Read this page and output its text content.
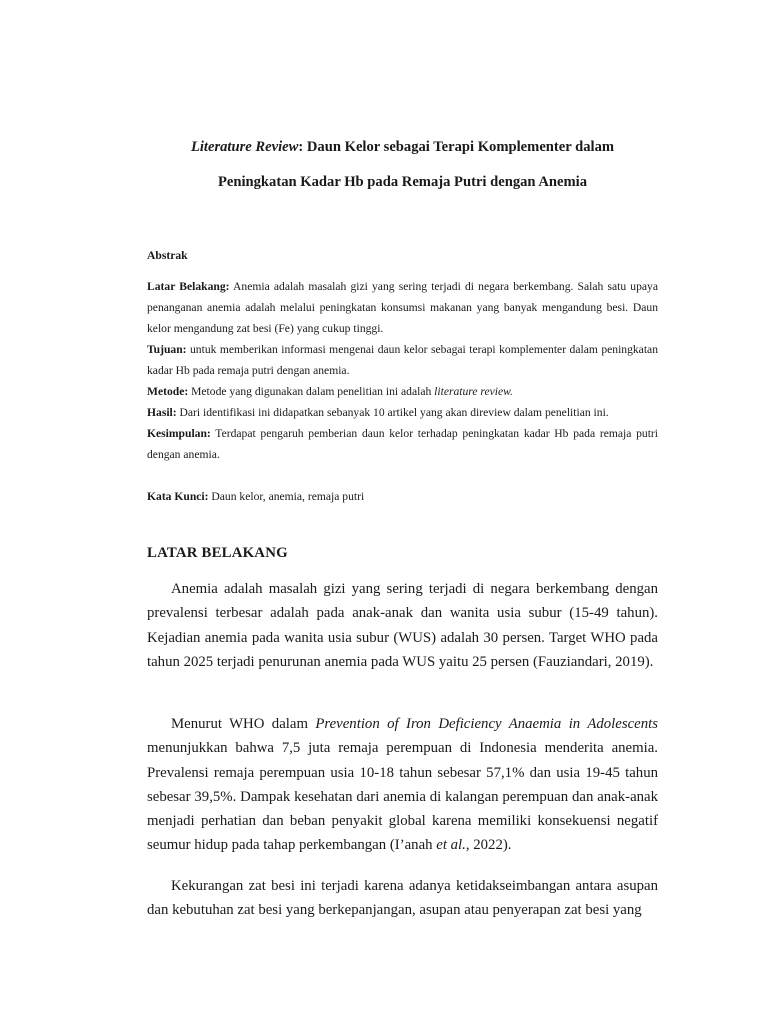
Literature Review: Daun Kelor sebagai Terapi Komplementer dalam
Peningkatan Kadar Hb pada Remaja Putri dengan Anemia
Abstrak

Latar Belakang: Anemia adalah masalah gizi yang sering terjadi di negara berkembang. Salah satu upaya penanganan anemia adalah melalui peningkatan konsumsi makanan yang banyak mengandung besi. Daun kelor mengandung zat besi (Fe) yang cukup tinggi.

Tujuan: untuk memberikan informasi mengenai daun kelor sebagai terapi komplementer dalam peningkatan kadar Hb pada remaja putri dengan anemia.

Metode: Metode yang digunakan dalam penelitian ini adalah literature review.

Hasil: Dari identifikasi ini didapatkan sebanyak 10 artikel yang akan direview dalam penelitian ini.

Kesimpulan: Terdapat pengaruh pemberian daun kelor terhadap peningkatan kadar Hb pada remaja putri dengan anemia.

Kata Kunci: Daun kelor, anemia, remaja putri
LATAR BELAKANG

Anemia adalah masalah gizi yang sering terjadi di negara berkembang dengan prevalensi terbesar adalah pada anak-anak dan wanita usia subur (15-49 tahun). Kejadian anemia pada wanita usia subur (WUS) adalah 30 persen. Target WHO pada tahun 2025 terjadi penurunan anemia pada WUS yaitu 25 persen (Fauziandari, 2019).

Menurut WHO dalam Prevention of Iron Deficiency Anaemia in Adolescents menunjukkan bahwa 7,5 juta remaja perempuan di Indonesia menderita anemia. Prevalensi remaja perempuan usia 10-18 tahun sebesar 57,1% dan usia 19-45 tahun sebesar 39,5%. Dampak kesehatan dari anemia di kalangan perempuan dan anak-anak menjadi perhatian dan beban penyakit global karena memiliki konsekuensi negatif seumur hidup pada tahap perkembangan (I’anah et al., 2022).

Kekurangan zat besi ini terjadi karena adanya ketidakseimbangan antara asupan dan kebutuhan zat besi yang berkepanjangan, asupan atau penyerapan zat besi yang
